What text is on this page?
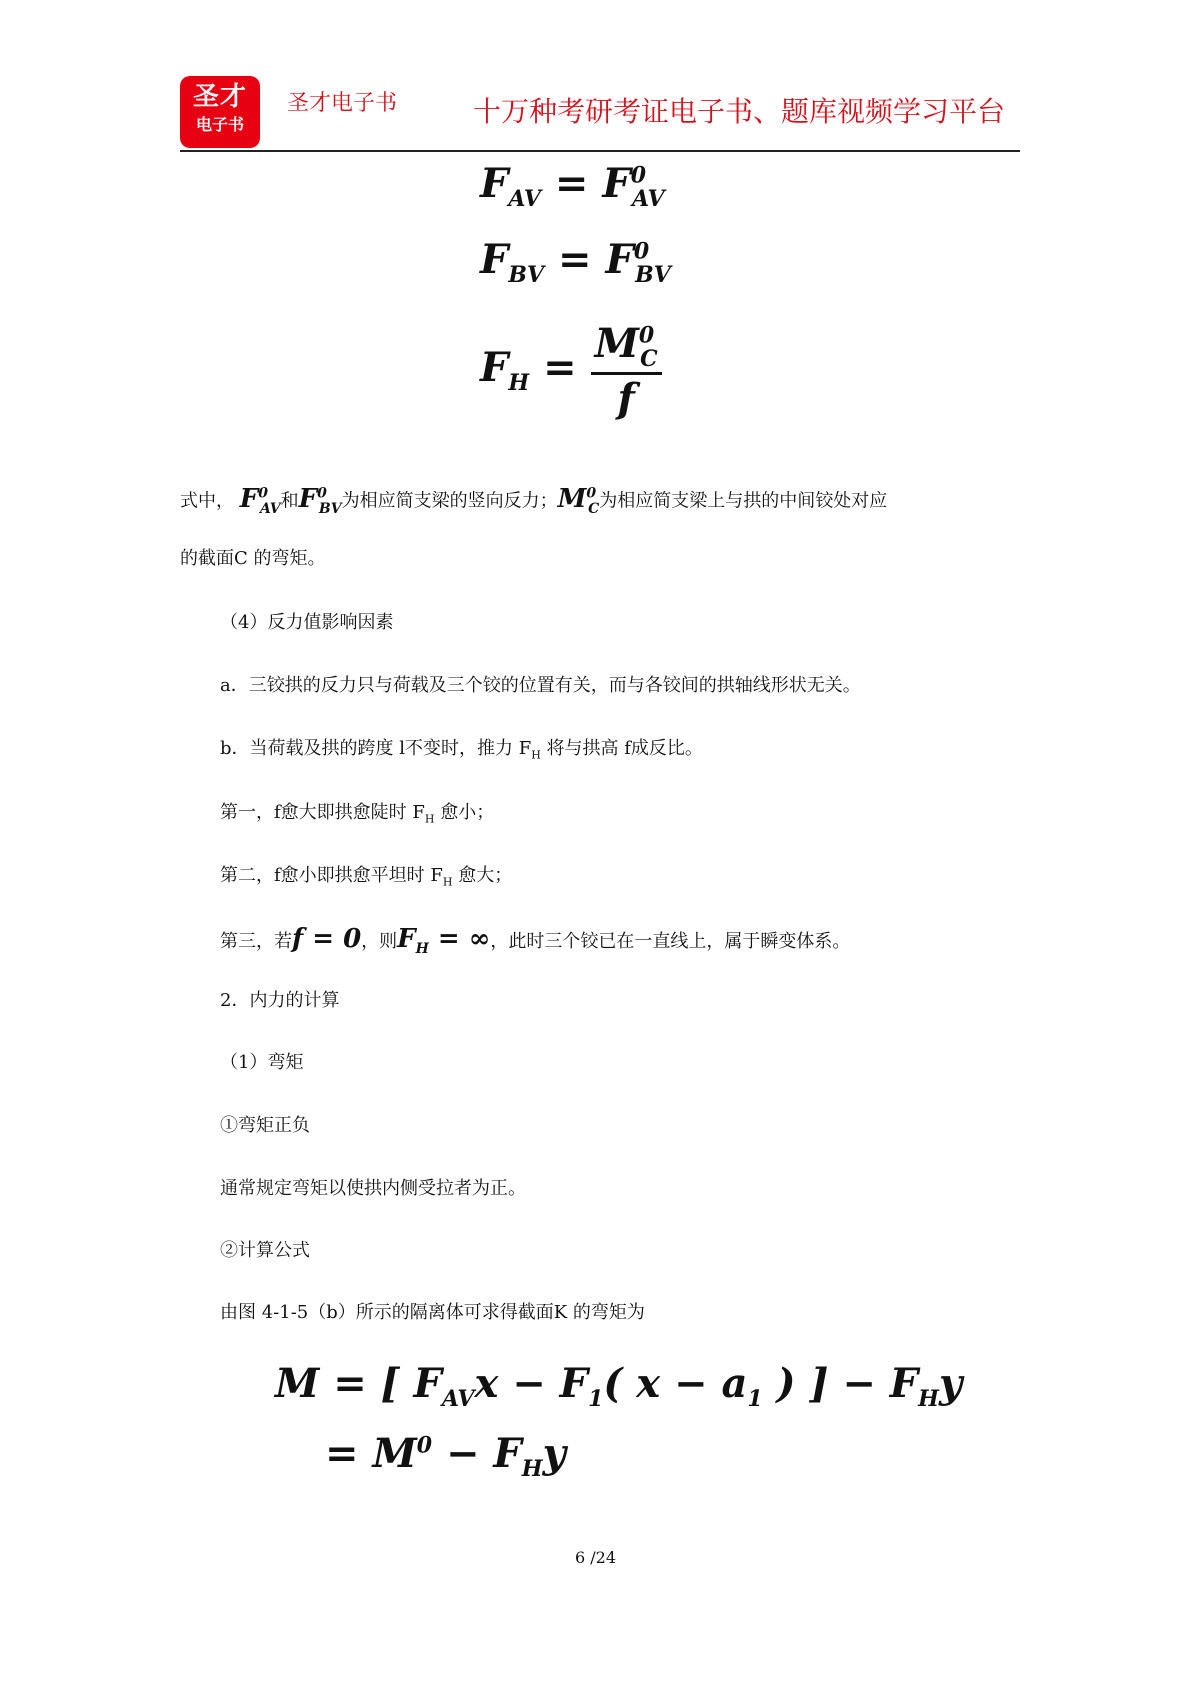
圣才
电子书
圣才电子书	十万种考研考证电子书、题库视频学习平台
$F_{AV} = F^0_{AV}$
$F_{BV} = F^0_{BV}$
$F_H = \frac{M^0_C}{f}$
式中， $F^0_{AV}$和$F^0_{BV}$为相应简支梁的竖向反力；$M^0_C$为相应简支梁上与拱的中间铰处对应
的截面C 的弯矩。
（4）反力值影响因素
a．三铰拱的反力只与荷载及三个铰的位置有关，而与各铰间的拱轴线形状无关。
b．当荷载及拱的跨度 l不变时，推力 $F_H$ 将与拱高 f成反比。
第一，f愈大即拱愈陡时 $F_H$ 愈小；
第二，f愈小即拱愈平坦时 $F_H$ 愈大；
第三，若f = 0，则$F_H$ = ∞，此时三个铰已在一直线上，属于瞬变体系。
2．内力的计算
（1）弯矩
①弯矩正负
通常规定弯矩以使拱内侧受拉者为正。
②计算公式
由图 4-1-5（b）所示的隔离体可求得截面K 的弯矩为
M = [ $F_{AV}x - F_1$( $x - a_1$ ) ] − $F_Hy$
= $M^0 - F_Hy$
6 /24
